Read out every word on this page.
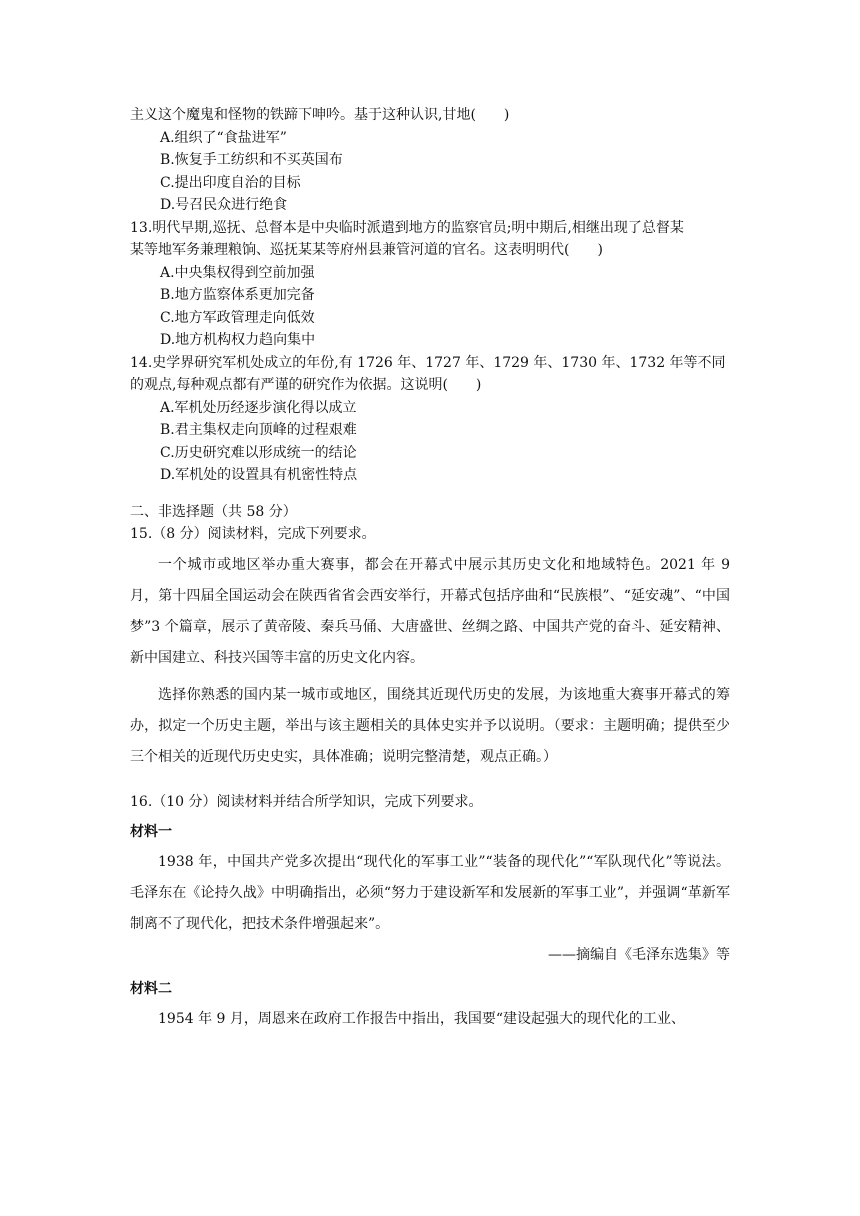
主义这个魔鬼和怪物的铁蹄下呻吟。基于这种认识,甘地(　　)
A.组织了“食盐进军”
B.恢复手工纺织和不买英国布
C.提出印度自治的目标
D.号召民众进行绝食
13.明代早期,巡抚、总督本是中央临时派遣到地方的监察官员;明中期后,相继出现了总督某
某等地军务兼理粮饷、巡抚某某等府州县兼管河道的官名。这表明明代(　　)
A.中央集权得到空前加强
B.地方监察体系更加完备
C.地方军政管理走向低效
D.地方机构权力趋向集中
14.史学界研究军机处成立的年份,有 1726 年、1727 年、1729 年、1730 年、1732 年等不同
的观点,每种观点都有严谨的研究作为依据。这说明(　　)
A.军机处历经逐步演化得以成立
B.君主集权走向顶峰的过程艰难
C.历史研究难以形成统一的结论
D.军机处的设置具有机密性特点
二、非选择题（共 58 分）
15.（8 分）阅读材料，完成下列要求。
一个城市或地区举办重大赛事，都会在开幕式中展示其历史文化和地域特色。2021 年 9 月，第十四届全国运动会在陕西省省会西安举行，开幕式包括序曲和“民族根”、“延安魂”、“中国梦”3 个篇章，展示了黄帝陵、秦兵马俑、大唐盛世、丝绸之路、中国共产党的奋斗、延安精神、新中国建立、科技兴国等丰富的历史文化内容。
选择你熟悉的国内某一城市或地区，围绕其近现代历史的发展，为该地重大赛事开幕式的筹办，拟定一个历史主题，举出与该主题相关的具体史实并予以说明。（要求：主题明确；提供至少三个相关的近现代历史史实，具体准确；说明完整清楚，观点正确。）
16.（10 分）阅读材料并结合所学知识，完成下列要求。
材料一
1938 年，中国共产党多次提出“现代化的军事工业”“装备的现代化”“军队现代化”等说法。毛泽东在《论持久战》中明确指出，必须“努力于建设新军和发展新的军事工业”，并强调“革新军制离不了现代化，把技术条件增强起来”。
——摘编自《毛泽东选集》等
材料二
1954 年 9 月，周恩来在政府工作报告中指出，我国要“建设起强大的现代化的工业、
